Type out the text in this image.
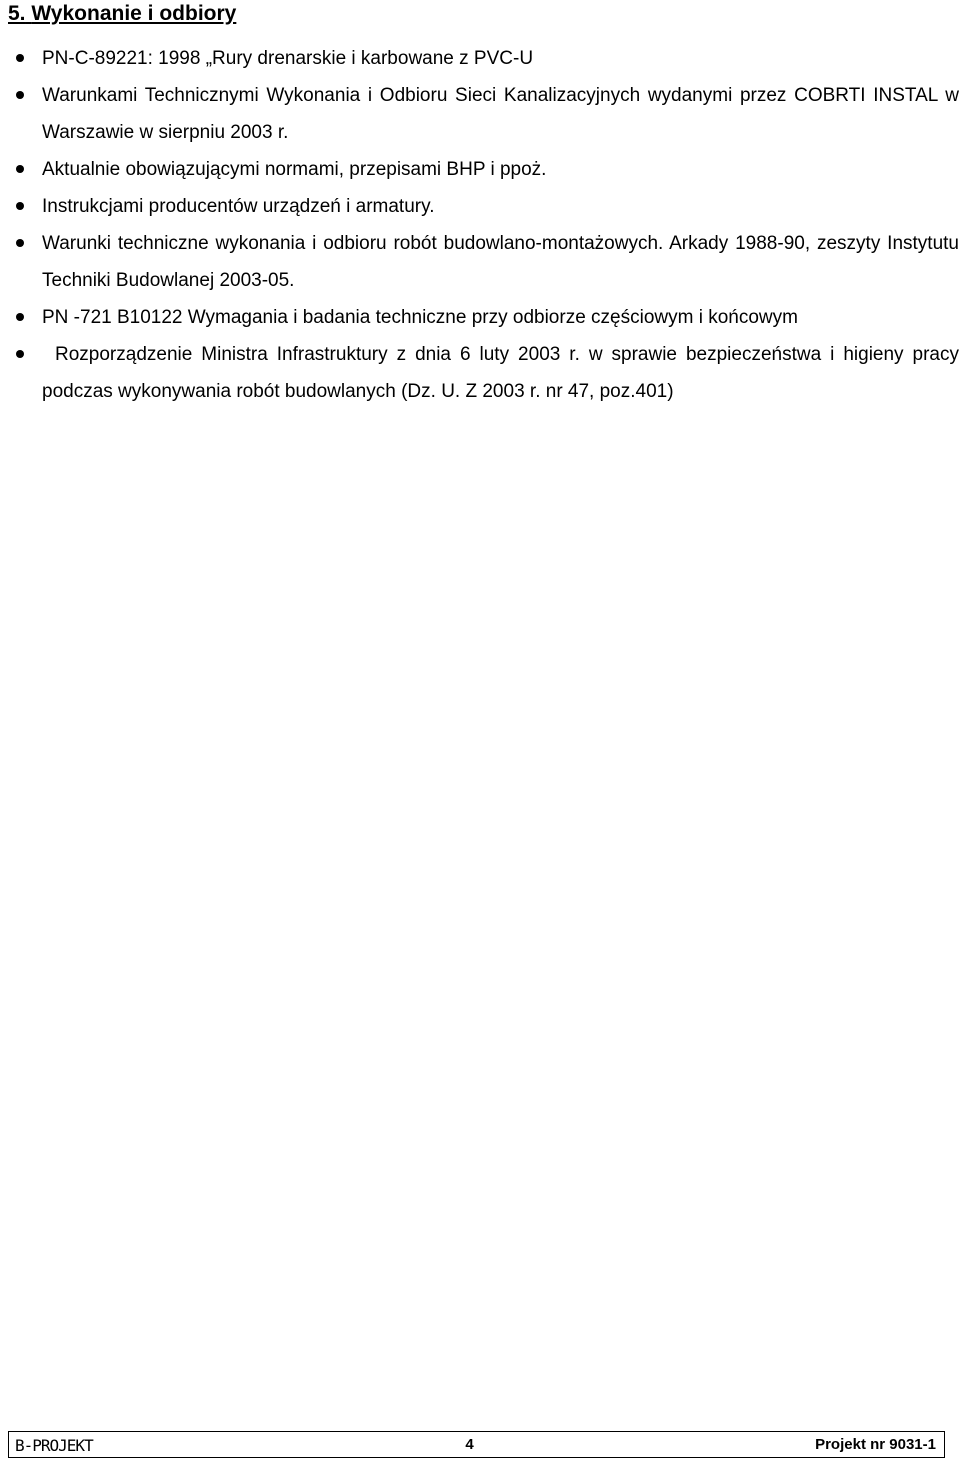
5. Wykonanie i odbiory
PN-C-89221: 1998 „Rury drenarskie i karbowane z PVC-U
Warunkami Technicznymi Wykonania i Odbioru Sieci Kanalizacyjnych wydanymi przez COBRTI INSTAL w Warszawie w sierpniu 2003 r.
Aktualnie obowiązującymi normami, przepisami BHP i ppoż.
Instrukcjami producentów urządzeń i armatury.
Warunki techniczne wykonania i odbioru robót budowlano-montażowych. Arkady 1988-90, zeszyty Instytutu Techniki Budowlanej 2003-05.
PN -721 B10122 Wymagania i badania techniczne przy odbiorze częściowym i końcowym
Rozporządzenie Ministra Infrastruktury z dnia 6 luty 2003 r. w sprawie bezpieczeństwa i higieny pracy podczas wykonywania robót budowlanych (Dz. U. Z 2003 r. nr 47, poz.401)
B-PROJEKT	4	Projekt nr 9031-1
